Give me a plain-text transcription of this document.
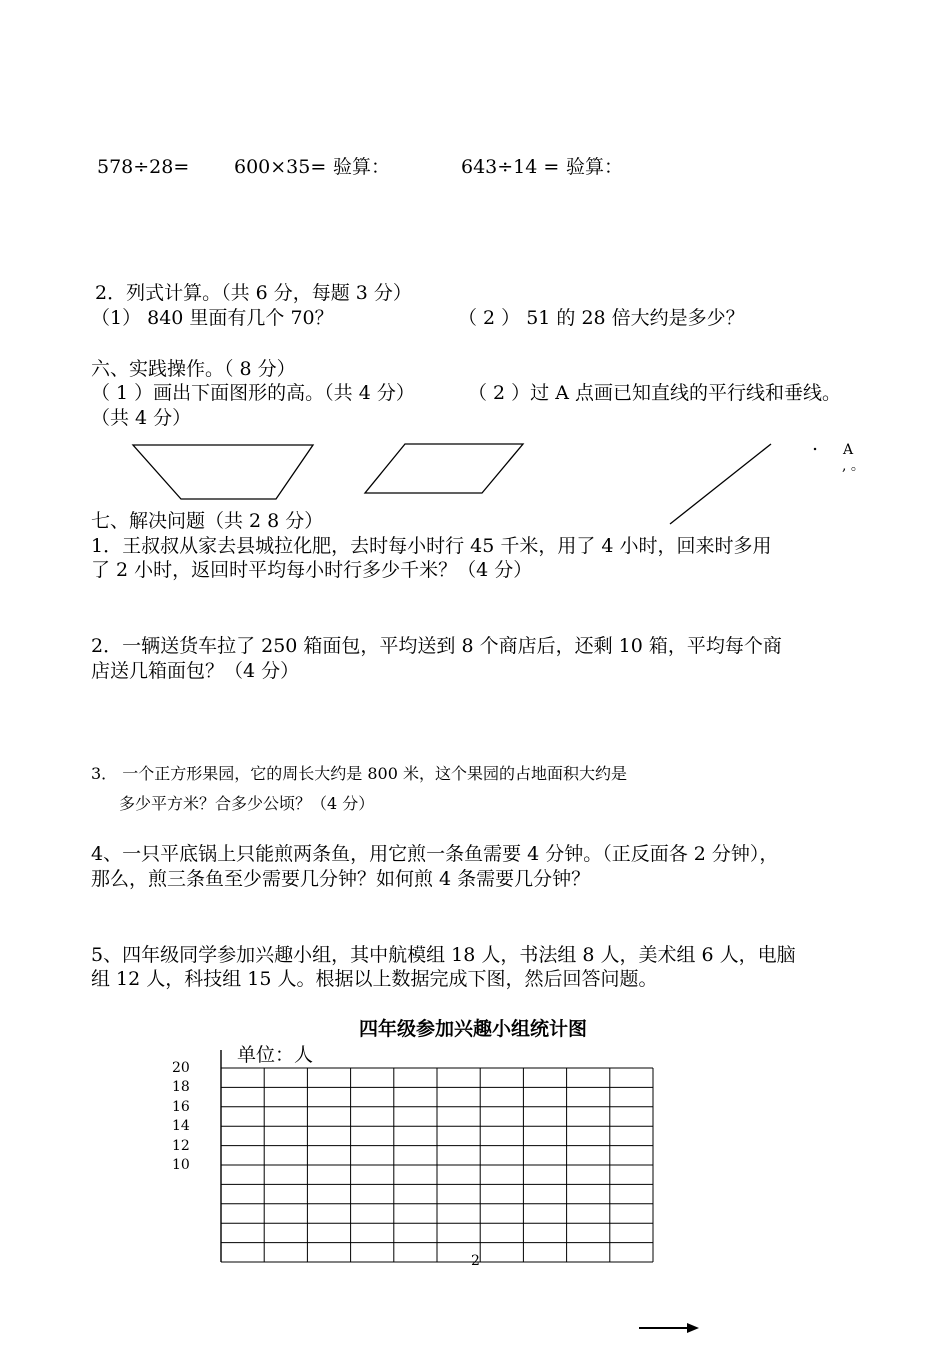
578÷28= 600×35= 验算：	643÷14 = 验算：
2．列式计算。（共 6 分，每题 3 分）
（1） 840 里面有几个 70？	（ 2 ） 51 的 28 倍大约是多少？
六、实践操作。（ 8 分）
（ 1 ）画出下面图形的高。（共 4 分）	（ 2 ）过 A 点画已知直线的平行线和垂线。
（共 4 分）
. A
, 。
七、解决问题（共 2 8 分）
1．王叔叔从家去县城拉化肥，去时每小时行 45 千米，用了 4 小时，回来时多用
了 2 小时，返回时平均每小时行多少千米？（4 分）
2．一辆送货车拉了 250 箱面包，平均送到 8 个商店后，还剩 10 箱，平均每个商
店送几箱面包？（4 分）
3． 一个正方形果园，它的周长大约是 800 米，这个果园的占地面积大约是
多少平方米？合多少公顷？（4 分）
4、一只平底锅上只能煎两条鱼，用它煎一条鱼需要 4 分钟。（正反面各 2 分钟），
那么，煎三条鱼至少需要几分钟？如何煎 4 条需要几分钟？
5、四年级同学参加兴趣小组，其中航模组 18 人，书法组 8 人，美术组 6 人，电脑
组 12 人，科技组 15 人。根据以上数据完成下图，然后回答问题。
四年级参加兴趣小组统计图
单位：人
20
18
16
14
12
10
2
